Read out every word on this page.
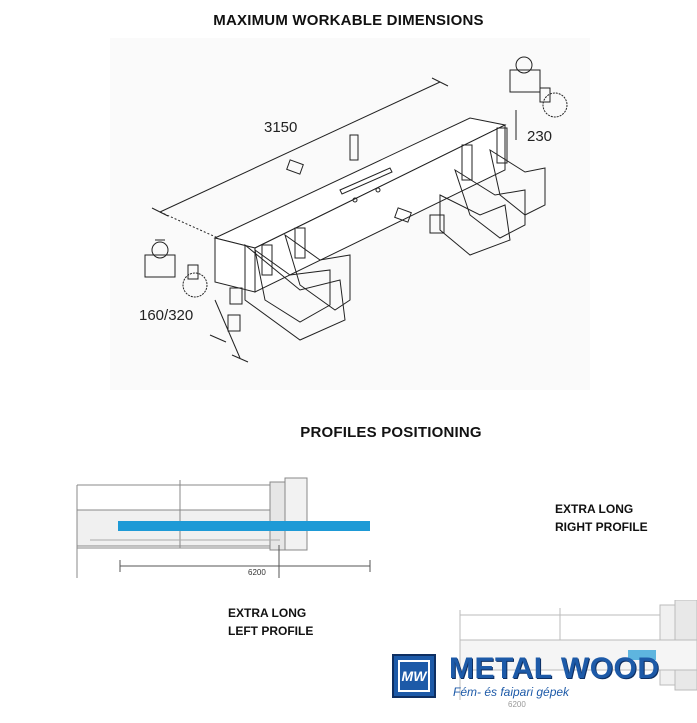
MAXIMUM WORKABLE DIMENSIONS
PROFILES POSITIONING
3150
230
160/320
6200
EXTRA LONG
RIGHT PROFILE
EXTRA LONG
LEFT PROFILE
6200
MW METAL WOOD
Fém- és faipari gépek
